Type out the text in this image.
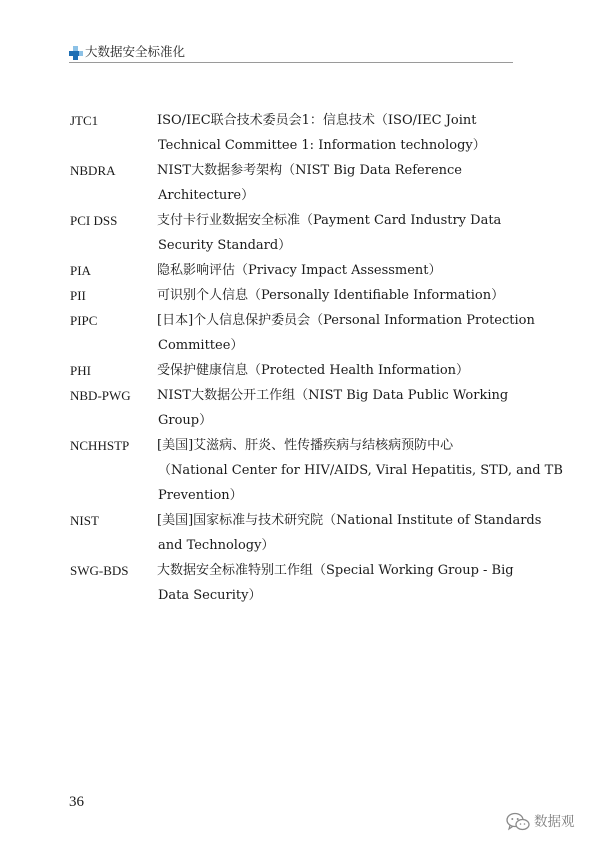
大数据安全标准化
JTC1	ISO/IEC联合技术委员会1：信息技术（ISO/IEC Joint
Technical Committee 1: Information technology）
NBDRA	NIST大数据参考架构（NIST Big Data Reference
Architecture）
PCI DSS	支付卡行业数据安全标准（Payment Card Industry Data
Security Standard）
PIA	隐私影响评估（Privacy Impact Assessment）
PII	可识别个人信息（Personally Identifiable Information）
PIPC	[日本]个人信息保护委员会（Personal Information Protection
Committee）
PHI	受保护健康信息（Protected Health Information）
NBD-PWG NIST大数据公开工作组（NIST Big Data Public Working
Group）
NCHHSTP [美国]艾滋病、肝炎、性传播疾病与结核病预防中心
（National Center for HIV/AIDS, Viral Hepatitis, STD, and TB
Prevention）
NIST	[美国]国家标准与技术研究院（National Institute of Standards
and Technology）
SWG-BDS 大数据安全标准特别工作组（Special Working Group - Big
Data Security）
36
数据观
